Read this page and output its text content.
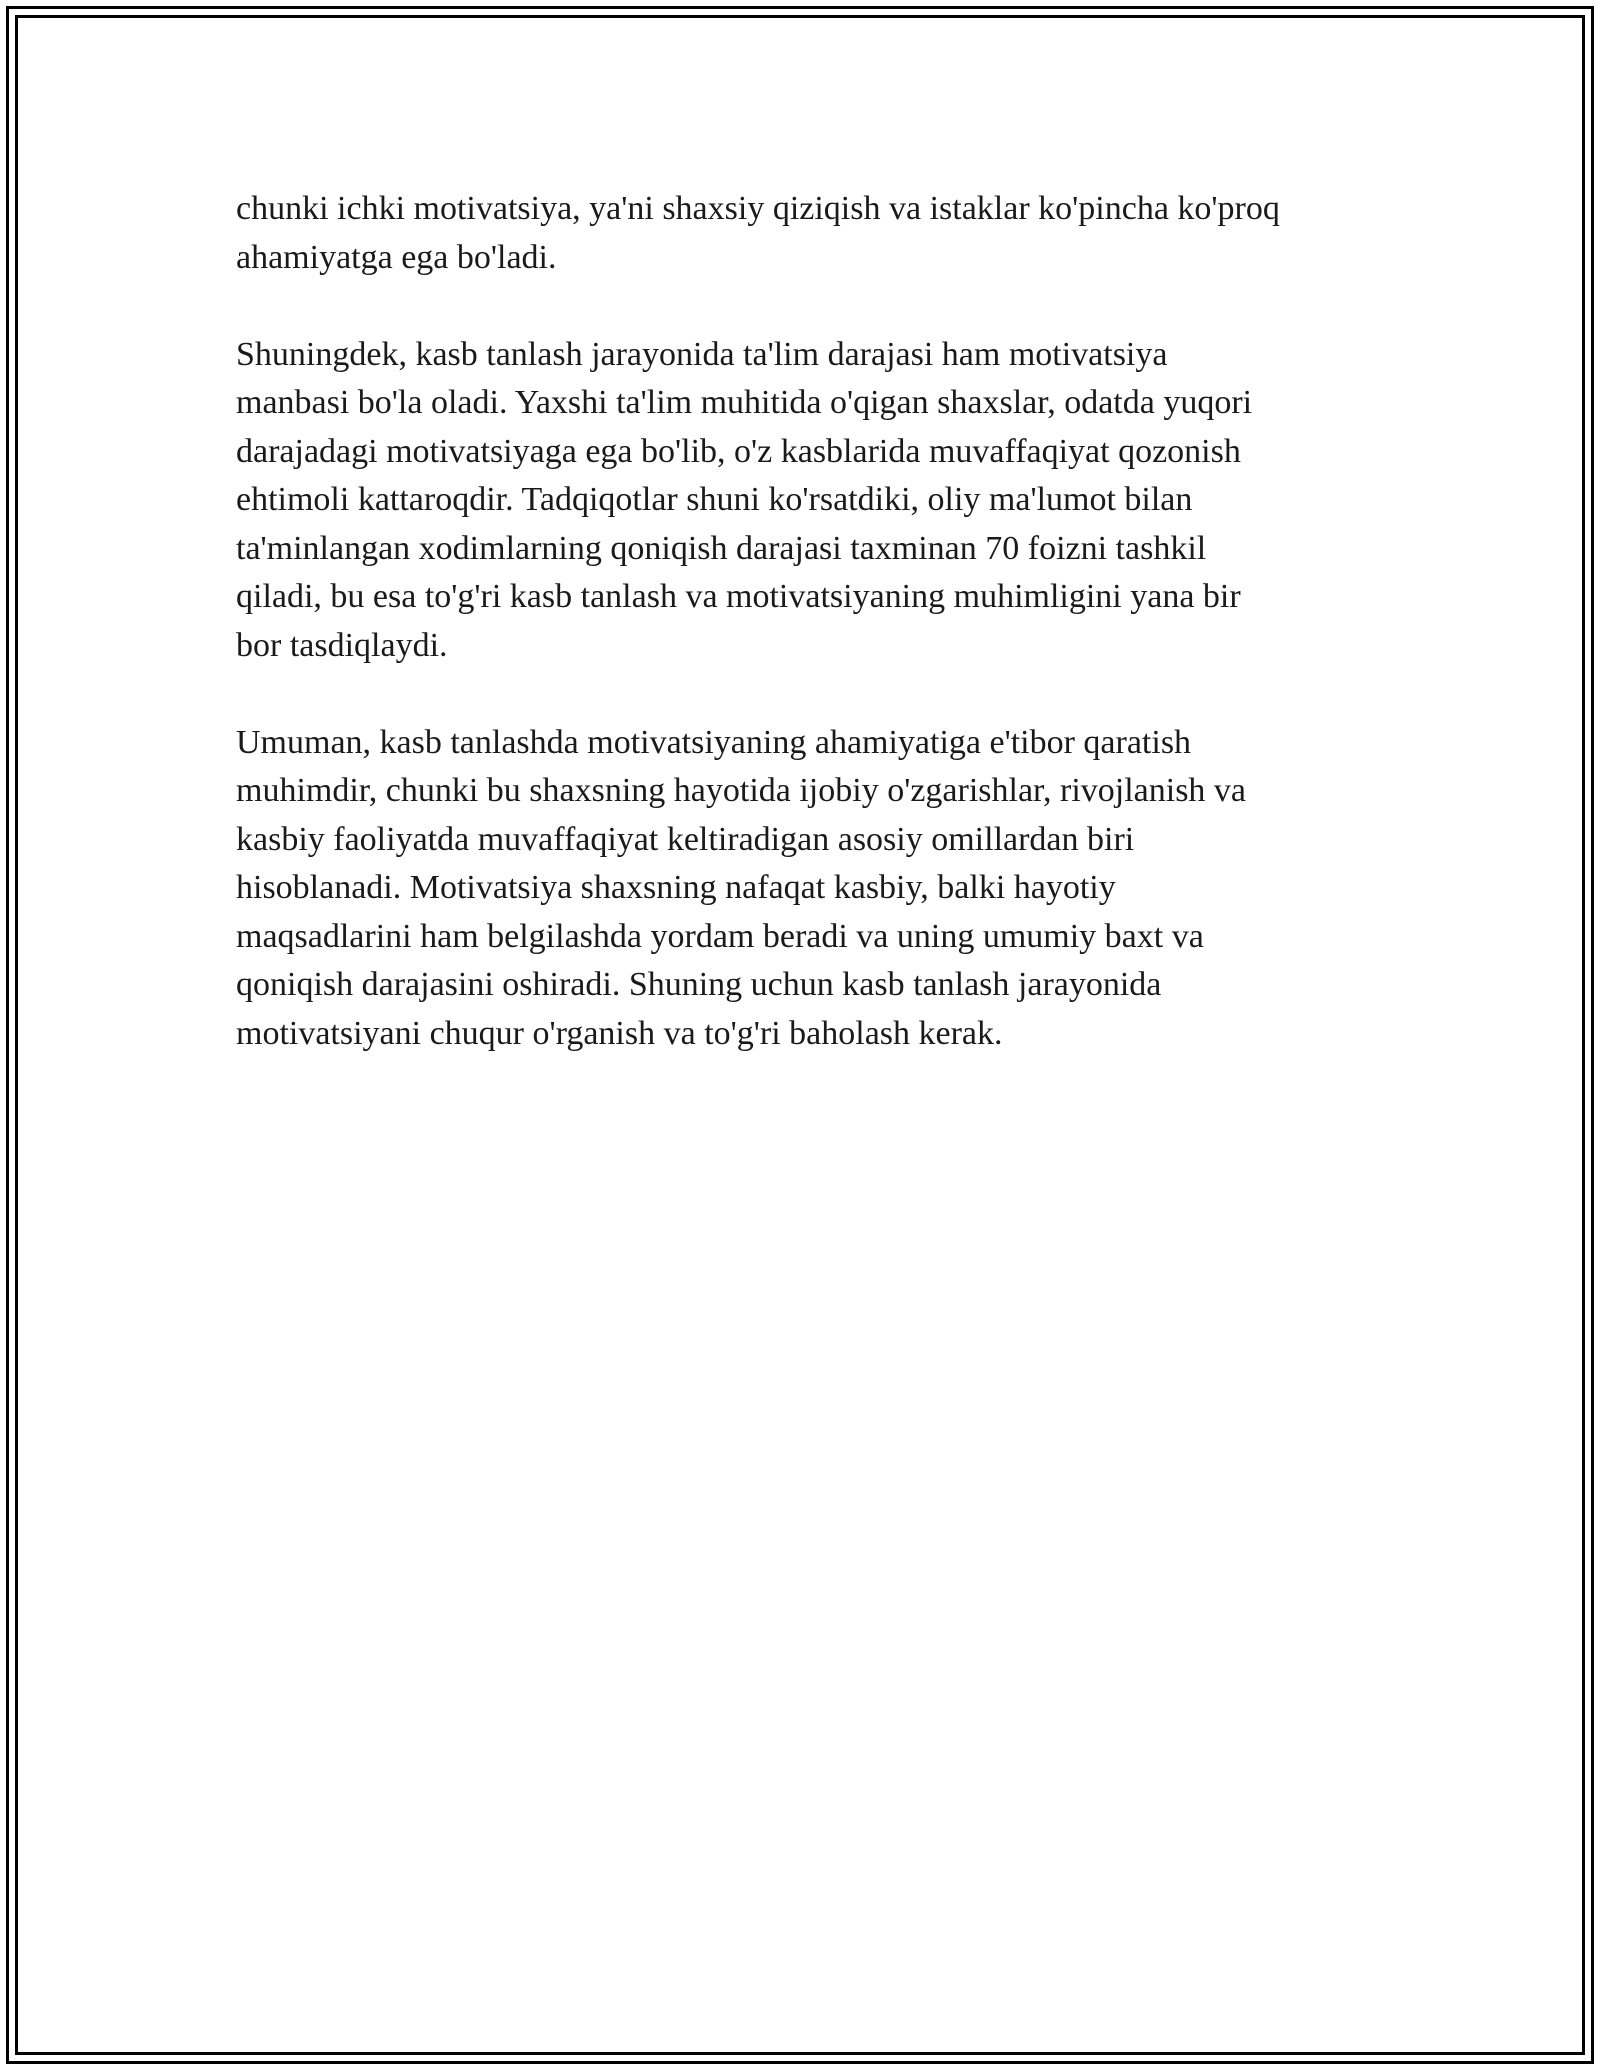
chunki ichki motivatsiya, ya'ni shaxsiy qiziqish va istaklar ko'pincha ko'proq
ahamiyatga ega bo'ladi.

Shuningdek, kasb tanlash jarayonida ta'lim darajasi ham motivatsiya
manbasi bo'la oladi. Yaxshi ta'lim muhitida o'qigan shaxslar, odatda yuqori
darajadagi motivatsiyaga ega bo'lib, o'z kasblarida muvaffaqiyat qozonish
ehtimoli kattaroqdir. Tadqiqotlar shuni ko'rsatdiki, oliy ma'lumot bilan
ta'minlangan xodimlarning qoniqish darajasi taxminan 70 foizni tashkil
qiladi, bu esa to'g'ri kasb tanlash va motivatsiyaning muhimligini yana bir
bor tasdiqlaydi.

Umuman, kasb tanlashda motivatsiyaning ahamiyatiga e'tibor qaratish
muhimdir, chunki bu shaxsning hayotida ijobiy o'zgarishlar, rivojlanish va
kasbiy faoliyatda muvaffaqiyat keltiradigan asosiy omillardan biri
hisoblanadi. Motivatsiya shaxsning nafaqat kasbiy, balki hayotiy
maqsadlarini ham belgilashda yordam beradi va uning umumiy baxt va
qoniqish darajasini oshiradi. Shuning uchun kasb tanlash jarayonida
motivatsiyani chuqur o'rganish va to'g'ri baholash kerak.
